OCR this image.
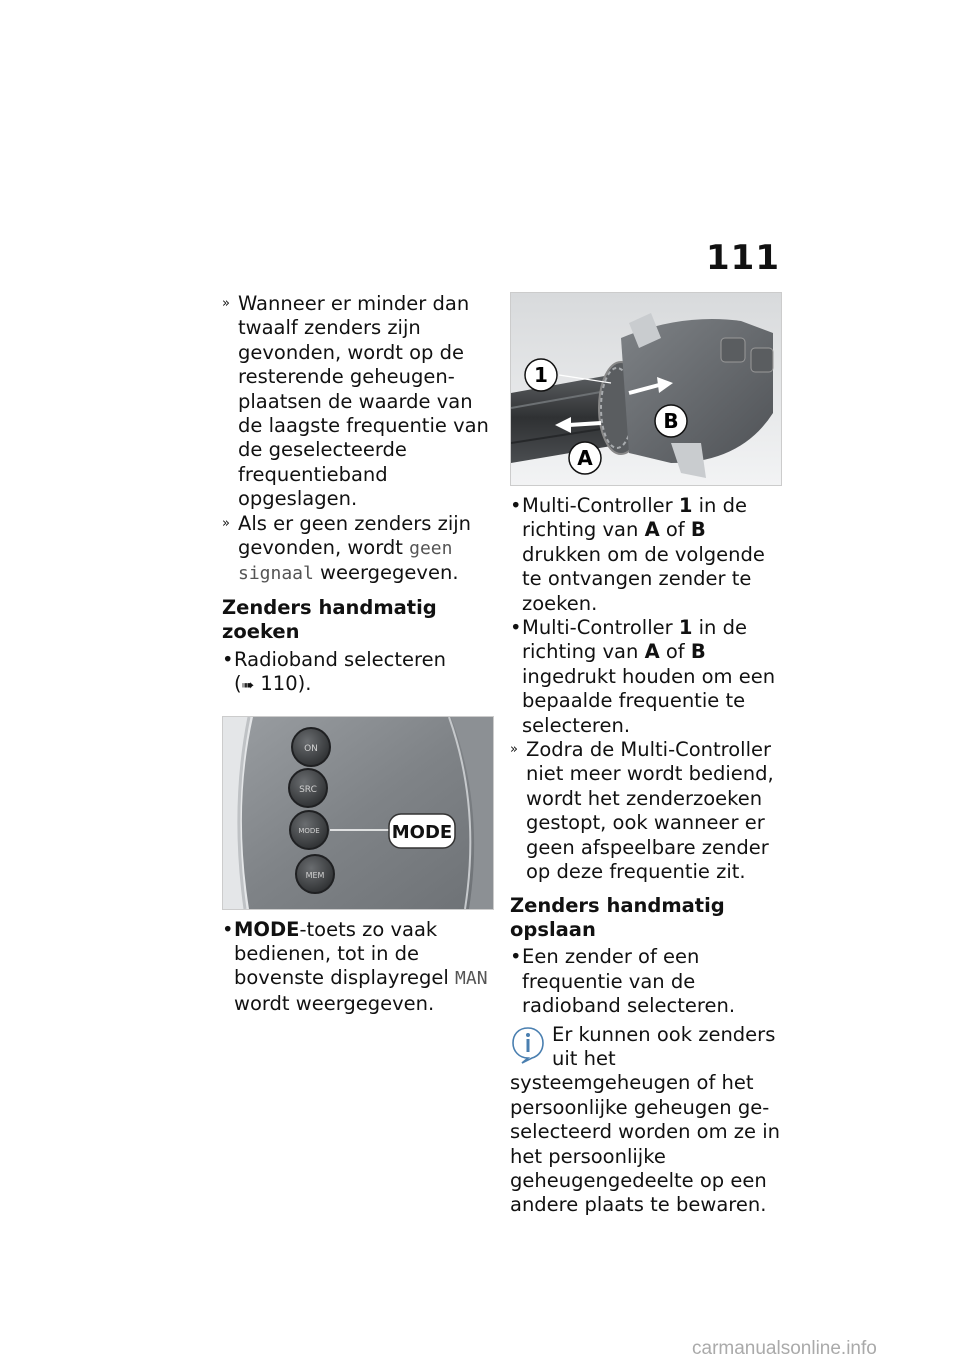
111

» Wanneer er minder dan twaalf zenders zijn gevonden, wordt op de resterende geheugenplaatsen de waarde van de laagste frequentie van de geselecteerde frequentieband opgeslagen.

» Als er geen zenders zijn gevonden, wordt geen signaal weergegeven.

Zenders handmatig zoeken

• Radioband selecteren
(➠ 110).

ON
SRC
MODE
MEM
MODE

• MODE-toets zo vaak bedienen, tot in de bovenste displayregel MAN wordt weergegeven.

1
A
B

• Multi-Controller 1 in de richting van A of B drukken om de volgende te ontvangen zender te zoeken.

• Multi-Controller 1 in de richting van A of B ingedrukt houden om een bepaalde frequentie te selecteren.

» Zodra de Multi-Controller niet meer wordt bediend, wordt het zenderzoeken gestopt, ook wanneer er geen afspeelbare zender op deze frequentie zit.

Zenders handmatig opslaan

• Een zender of een frequentie van de radioband selecteren.

Er kunnen ook zenders uit het systeemgeheugen of het persoonlijke geheugen geselecteerd worden om ze in het persoonlijke geheugengedeelte op een andere plaats te bewaren.
carmanualsonline.info
